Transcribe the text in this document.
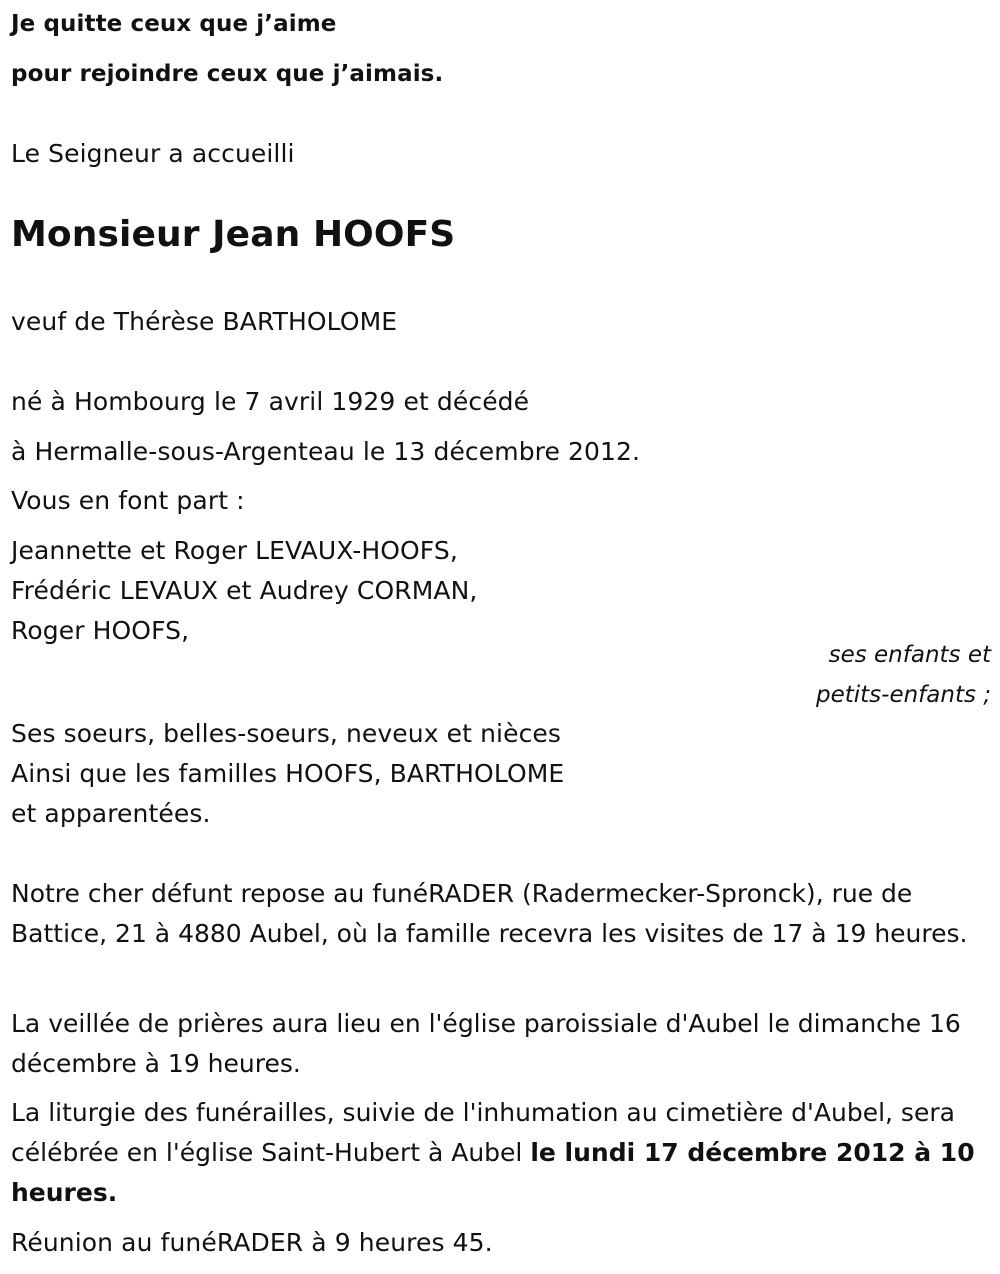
Je quitte ceux que j’aime
pour rejoindre ceux que j’aimais.
Le Seigneur a accueilli
Monsieur Jean HOOFS
veuf de Thérèse BARTHOLOME
né à Hombourg le 7 avril 1929 et décédé
à Hermalle-sous-Argenteau le 13 décembre 2012.
Vous en font part :
Jeannette et Roger LEVAUX-HOOFS,
Frédéric LEVAUX et Audrey CORMAN,
Roger HOOFS,
ses enfants et
petits-enfants ;
Ses soeurs, belles-soeurs, neveux et nièces
Ainsi que les familles HOOFS, BARTHOLOME
et apparentées.
Notre cher défunt repose au funéRADER (Radermecker-Spronck), rue de Battice, 21 à 4880 Aubel, où la famille recevra les visites de 17 à 19 heures.
La veillée de prières aura lieu en l'église paroissiale d'Aubel le dimanche 16 décembre à 19 heures.
La liturgie des funérailles, suivie de l'inhumation au cimetière d'Aubel, sera célébrée en l'église Saint-Hubert à Aubel le lundi 17 décembre 2012 à 10 heures.
Réunion au funéRADER à 9 heures 45.
